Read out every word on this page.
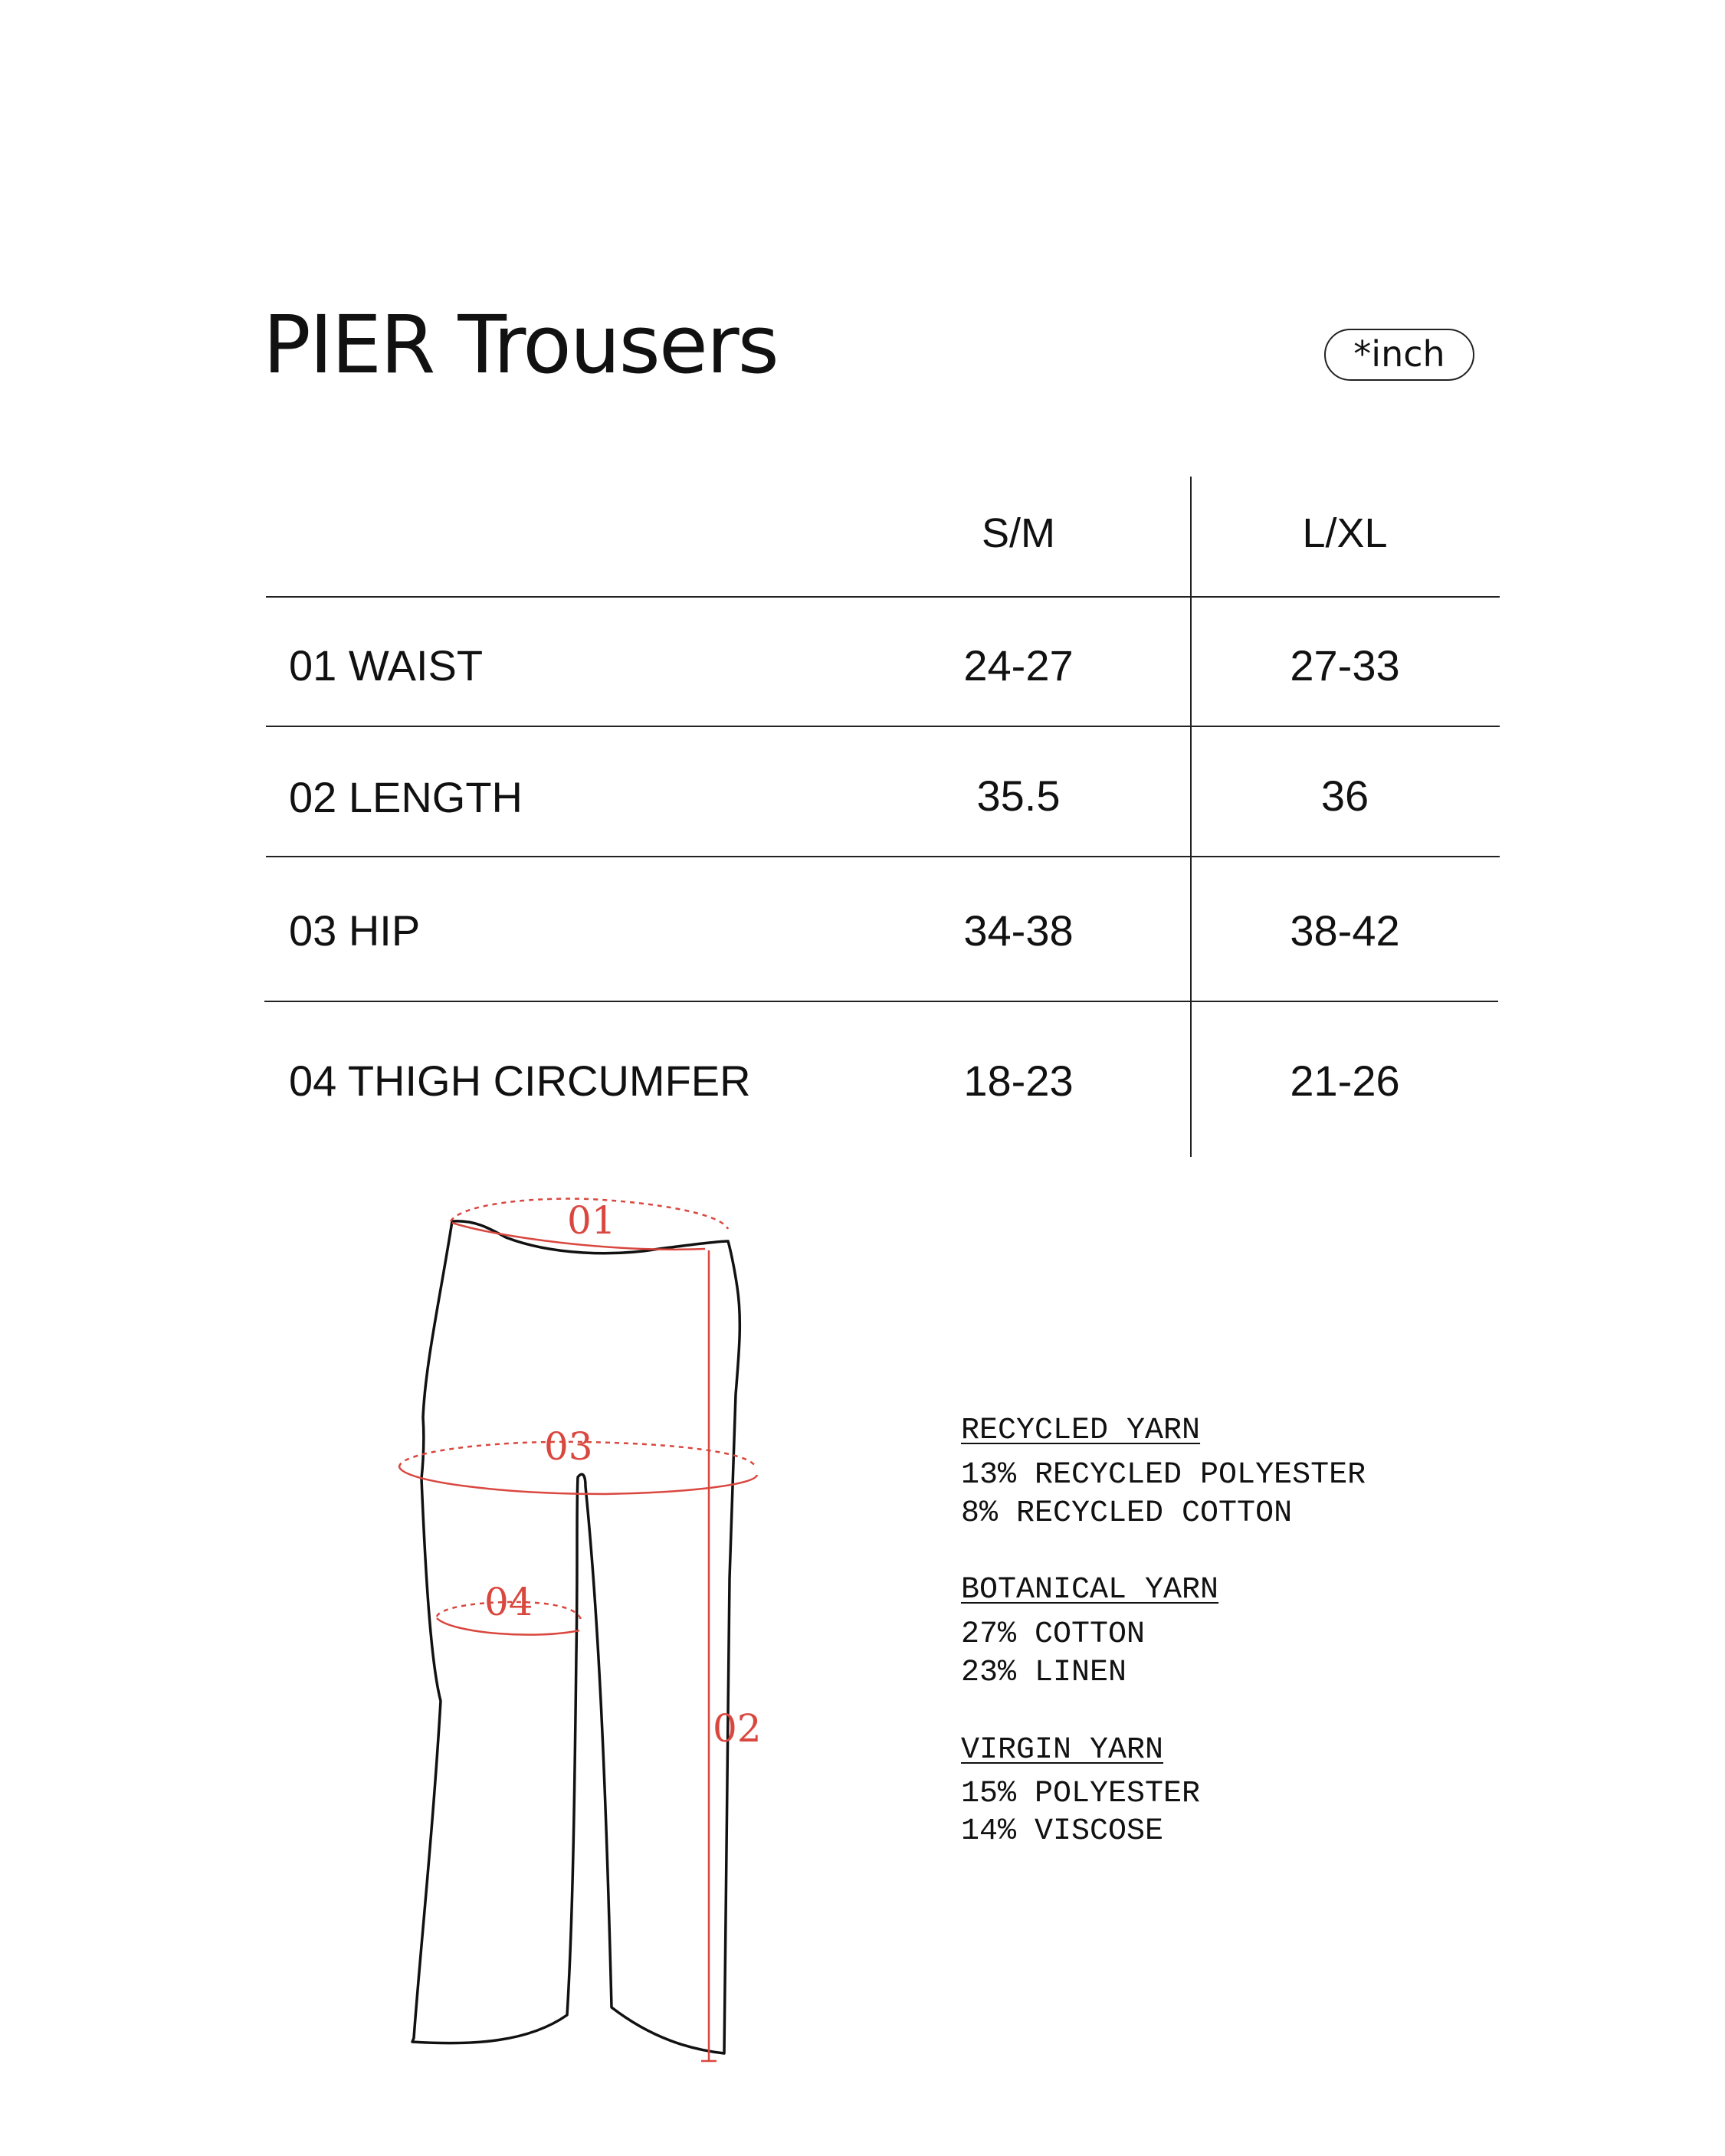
PIER Trousers	*inch
S/M	L/XL
01 WAIST	24-27	27-33
02 LENGTH	35.5	36
03 HIP	34-38	38-42
04 THIGH CIRCUMFER	18-23	21-26
01
03
04
02
RECYCLED YARN
13% RECYCLED POLYESTER
8% RECYCLED COTTON
BOTANICAL YARN
27% COTTON
23% LINEN
VIRGIN YARN
15% POLYESTER
14% VISCOSE
